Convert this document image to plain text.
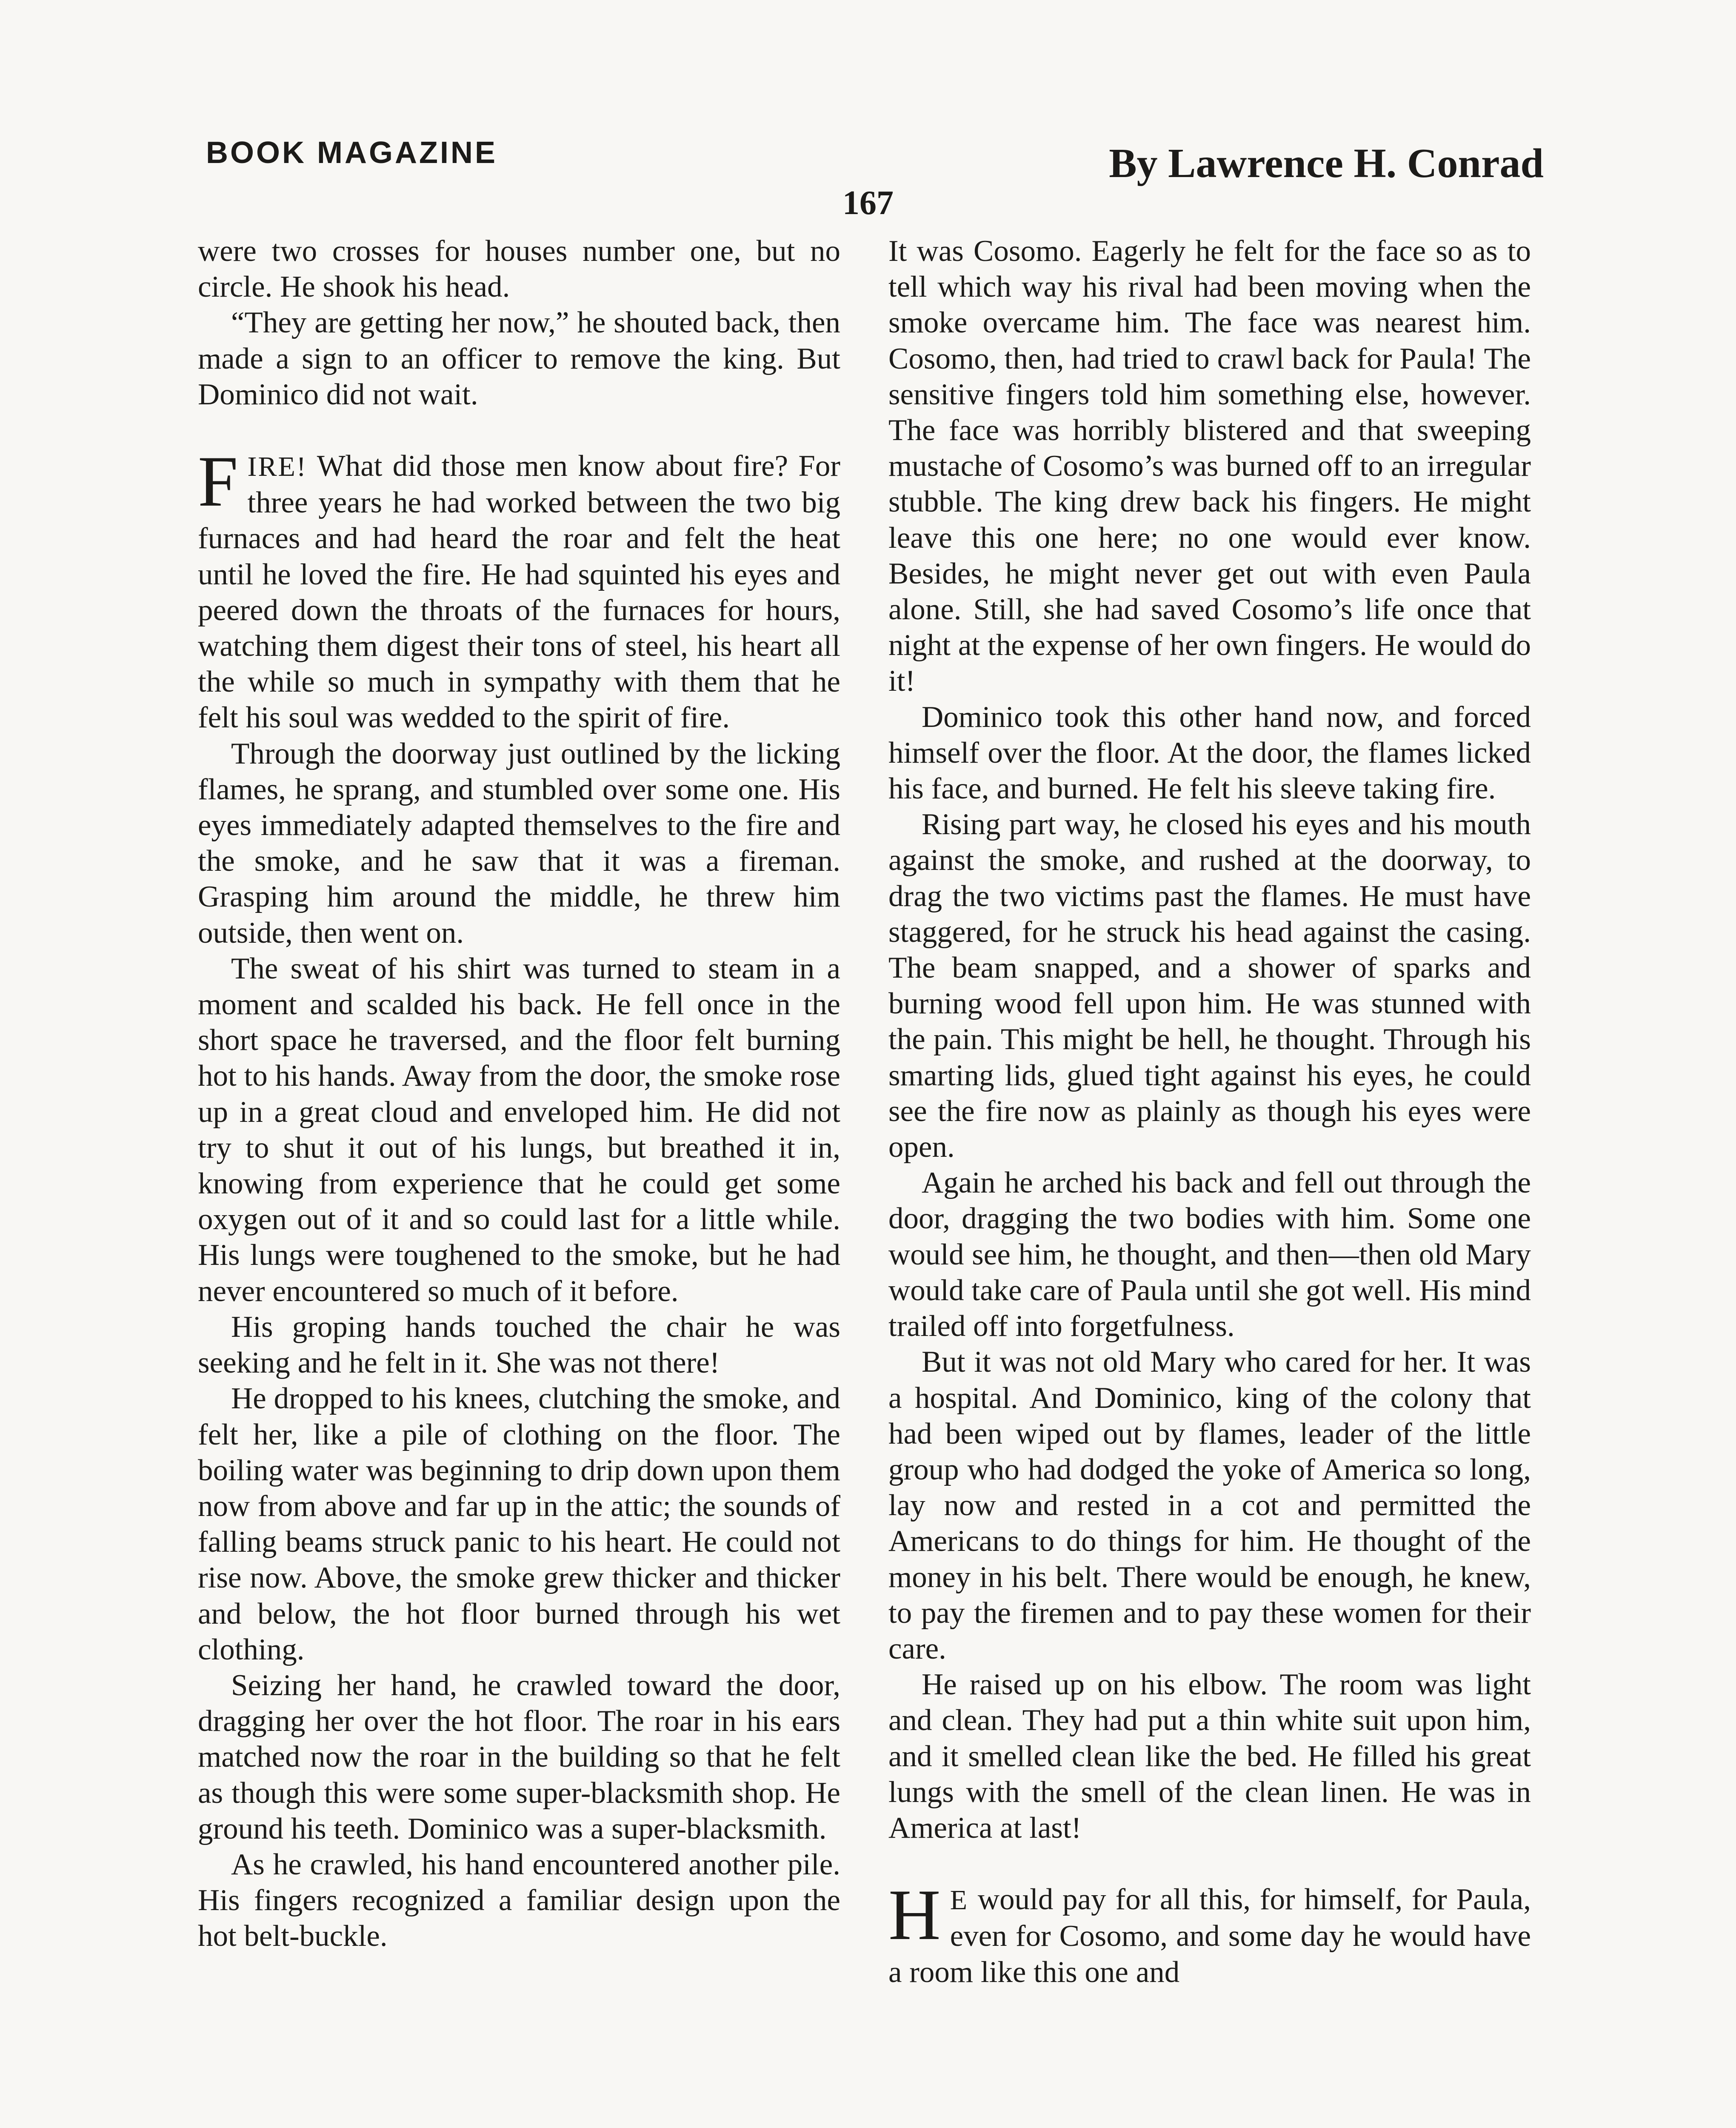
BOOK MAGAZINE	By Lawrence H. Conrad
167

were two crosses for houses number one, but no circle. He shook his head.

“They are getting her now,” he shouted back, then made a sign to an officer to remove the king. But Dominico did not wait.

FIRE! What did those men know about fire? For three years he had worked between the two big furnaces and had heard the roar and felt the heat until he loved the fire. He had squinted his eyes and peered down the throats of the furnaces for hours, watching them digest their tons of steel, his heart all the while so much in sympathy with them that he felt his soul was wedded to the spirit of fire.

Through the doorway just outlined by the licking flames, he sprang, and stumbled over some one. His eyes immediately adapted themselves to the fire and the smoke, and he saw that it was a fireman. Grasping him around the middle, he threw him outside, then went on.

The sweat of his shirt was turned to steam in a moment and scalded his back. He fell once in the short space he traversed, and the floor felt burning hot to his hands. Away from the door, the smoke rose up in a great cloud and enveloped him. He did not try to shut it out of his lungs, but breathed it in, knowing from experience that he could get some oxygen out of it and so could last for a little while. His lungs were toughened to the smoke, but he had never encountered so much of it before.

His groping hands touched the chair he was seeking and he felt in it. She was not there!

He dropped to his knees, clutching the smoke, and felt her, like a pile of clothing on the floor. The boiling water was beginning to drip down upon them now from above and far up in the attic; the sounds of falling beams struck panic to his heart. He could not rise now. Above, the smoke grew thicker and thicker and below, the hot floor burned through his wet clothing.

Seizing her hand, he crawled toward the door, dragging her over the hot floor. The roar in his ears matched now the roar in the building so that he felt as though this were some super-blacksmith shop. He ground his teeth. Dominico was a super-blacksmith.

As he crawled, his hand encountered another pile. His fingers recognized a familiar design upon the hot belt-buckle.

It was Cosomo. Eagerly he felt for the face so as to tell which way his rival had been moving when the smoke overcame him. The face was nearest him. Cosomo, then, had tried to crawl back for Paula! The sensitive fingers told him something else, however. The face was horribly blistered and that sweeping mustache of Cosomo’s was burned off to an irregular stubble. The king drew back his fingers. He might leave this one here; no one would ever know. Besides, he might never get out with even Paula alone. Still, she had saved Cosomo’s life once that night at the expense of her own fingers. He would do it!

Dominico took this other hand now, and forced himself over the floor. At the door, the flames licked his face, and burned. He felt his sleeve taking fire.

Rising part way, he closed his eyes and his mouth against the smoke, and rushed at the doorway, to drag the two victims past the flames. He must have staggered, for he struck his head against the casing. The beam snapped, and a shower of sparks and burning wood fell upon him. He was stunned with the pain. This might be hell, he thought. Through his smarting lids, glued tight against his eyes, he could see the fire now as plainly as though his eyes were open.

Again he arched his back and fell out through the door, dragging the two bodies with him. Some one would see him, he thought, and then—then old Mary would take care of Paula until she got well. His mind trailed off into forgetfulness.

But it was not old Mary who cared for her. It was a hospital. And Dominico, king of the colony that had been wiped out by flames, leader of the little group who had dodged the yoke of America so long, lay now and rested in a cot and permitted the Americans to do things for him. He thought of the money in his belt. There would be enough, he knew, to pay the firemen and to pay these women for their care.

He raised up on his elbow. The room was light and clean. They had put a thin white suit upon him, and it smelled clean like the bed. He filled his great lungs with the smell of the clean linen. He was in America at last!

H E would pay for all this, for himself, for Paula, even for Cosomo, and some day he would have a room like this one and
